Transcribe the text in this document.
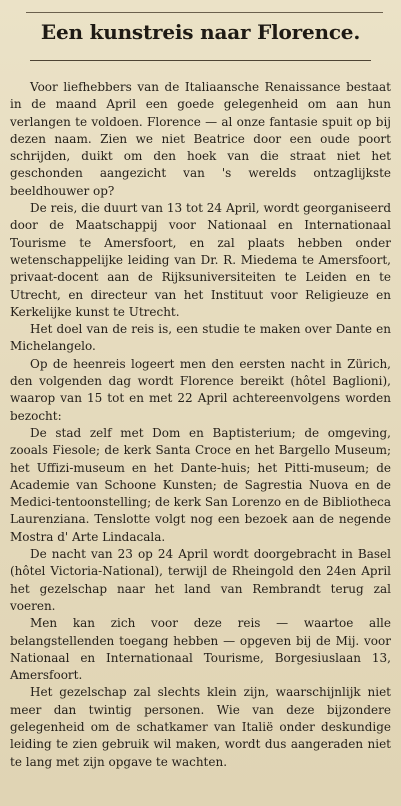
Een kunstreis naar Florence.

Voor liefhebbers van de Italiaansche Renaissance bestaat in de maand April een goede gelegenheid om aan hun verlangen te voldoen. Florence — al onze fantasie spuit op bij dezen naam. Zien we niet Beatrice door een oude poort schrijden, duikt om den hoek van die straat niet het geschonden aangezicht van 's werelds ontzaglijkste beeldhouwer op?

De reis, die duurt van 13 tot 24 April, wordt georganiseerd door de Maatschappij voor Nationaal en Internationaal Tourisme te Amersfoort, en zal plaats hebben onder wetenschappelijke leiding van Dr. R. Miedema te Amersfoort, privaat-docent aan de Rijksuniversiteiten te Leiden en te Utrecht, en directeur van het Instituut voor Religieuze en Kerkelijke kunst te Utrecht.

Het doel van de reis is, een studie te maken over Dante en Michelangelo.

Op de heenreis logeert men den eersten nacht in Zürich, den volgenden dag wordt Florence bereikt (hôtel Baglioni), waarop van 15 tot en met 22 April achtereenvolgens worden bezocht:

De stad zelf met Dom en Baptisterium; de omgeving, zooals Fiesole; de kerk Santa Croce en het Bargello Museum; het Uffizi-museum en het Dante-huis; het Pitti-museum; de Academie van Schoone Kunsten; de Sagrestia Nuova en de Medici-tentoonstelling; de kerk San Lorenzo en de Bibliotheca Laurenziana. Tenslotte volgt nog een bezoek aan de negende Mostra d' Arte Lindacala.

De nacht van 23 op 24 April wordt doorgebracht in Basel (hôtel Victoria-National), terwijl de Rheingold den 24en April het gezelschap naar het land van Rembrandt terug zal voeren.

Men kan zich voor deze reis — waartoe alle belangstellenden toegang hebben — opgeven bij de Mij. voor Nationaal en Internationaal Tourisme, Borgesiuslaan 13, Amersfoort.

Het gezelschap zal slechts klein zijn, waarschijnlijk niet meer dan twintig personen. Wie van deze bijzondere gelegenheid om de schatkamer van Italië onder deskundige leiding te zien gebruik wil maken, wordt dus aangeraden niet te lang met zijn opgave te wachten.
